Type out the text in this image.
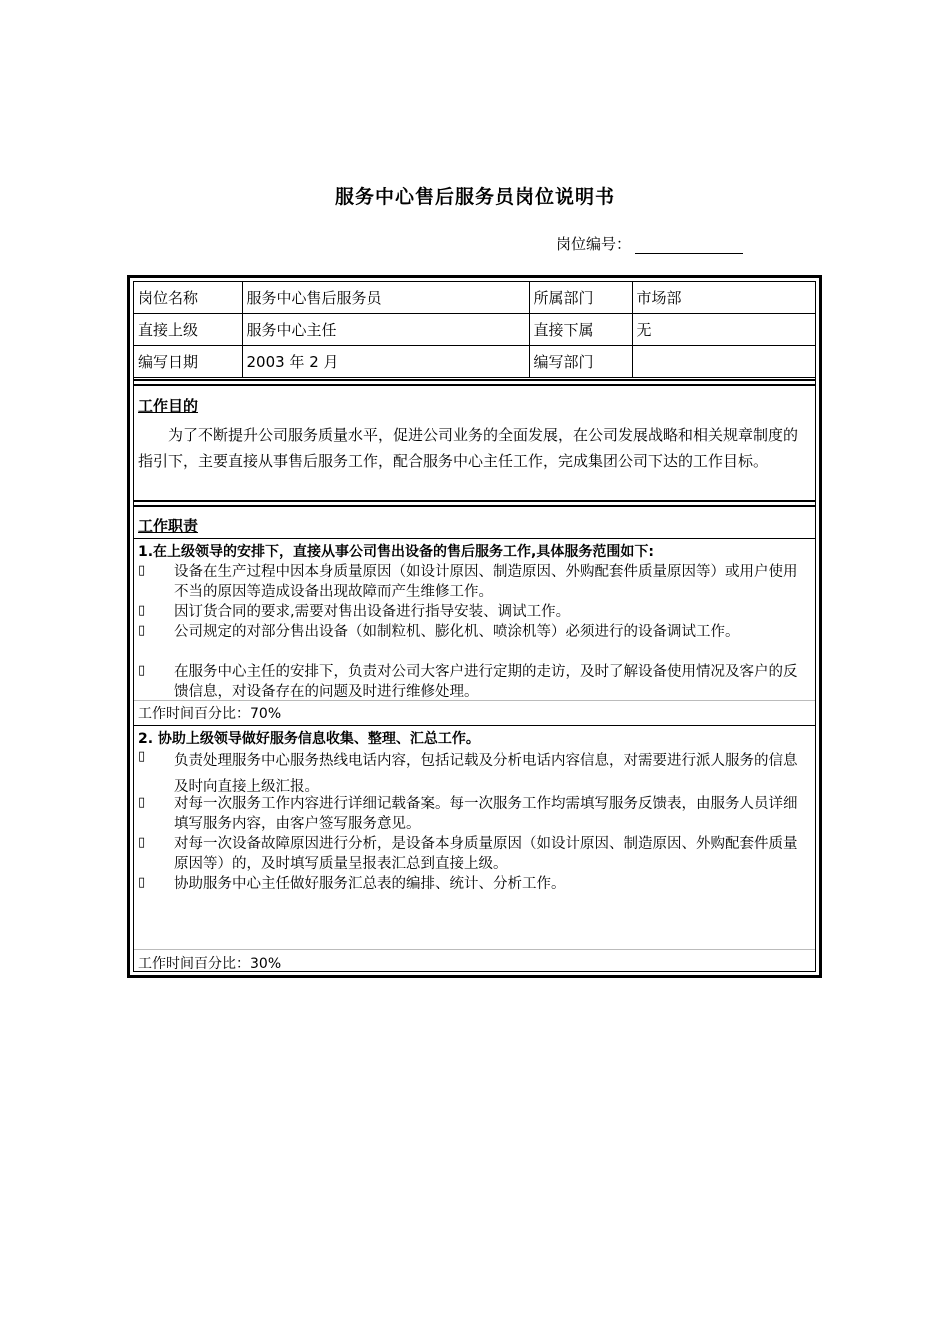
服务中心售后服务员岗位说明书
岗位编号：
岗位名称	服务中心售后服务员	所属部门	市场部
直接上级	服务中心主任	直接下属	无
编写日期	2003 年 2 月	编写部门	
工作目的
为了不断提升公司服务质量水平，促进公司业务的全面发展，在公司发展战略和相关规章制度的指引下，主要直接从事售后服务工作，配合服务中心主任工作，完成集团公司下达的工作目标。
工作职责
1.在上级领导的安排下，直接从事公司售出设备的售后服务工作,具体服务范围如下:
▯ 设备在生产过程中因本身质量原因（如设计原因、制造原因、外购配套件质量原因等）或用户使用不当的原因等造成设备出现故障而产生维修工作。
▯ 因订货合同的要求,需要对售出设备进行指导安装、调试工作。
▯ 公司规定的对部分售出设备（如制粒机、膨化机、喷涂机等）必须进行的设备调试工作。
▯ 在服务中心主任的安排下，负责对公司大客户进行定期的走访，及时了解设备使用情况及客户的反馈信息，对设备存在的问题及时进行维修处理。
工作时间百分比：70%
2. 协助上级领导做好服务信息收集、整理、汇总工作。
▯ 负责处理服务中心服务热线电话内容，包括记载及分析电话内容信息，对需要进行派人服务的信息及时向直接上级汇报。
▯ 对每一次服务工作内容进行详细记载备案。每一次服务工作均需填写服务反馈表，由服务人员详细填写服务内容，由客户签写服务意见。
▯ 对每一次设备故障原因进行分析，是设备本身质量原因（如设计原因、制造原因、外购配套件质量原因等）的，及时填写质量呈报表汇总到直接上级。
▯ 协助服务中心主任做好服务汇总表的编排、统计、分析工作。
工作时间百分比：30%
